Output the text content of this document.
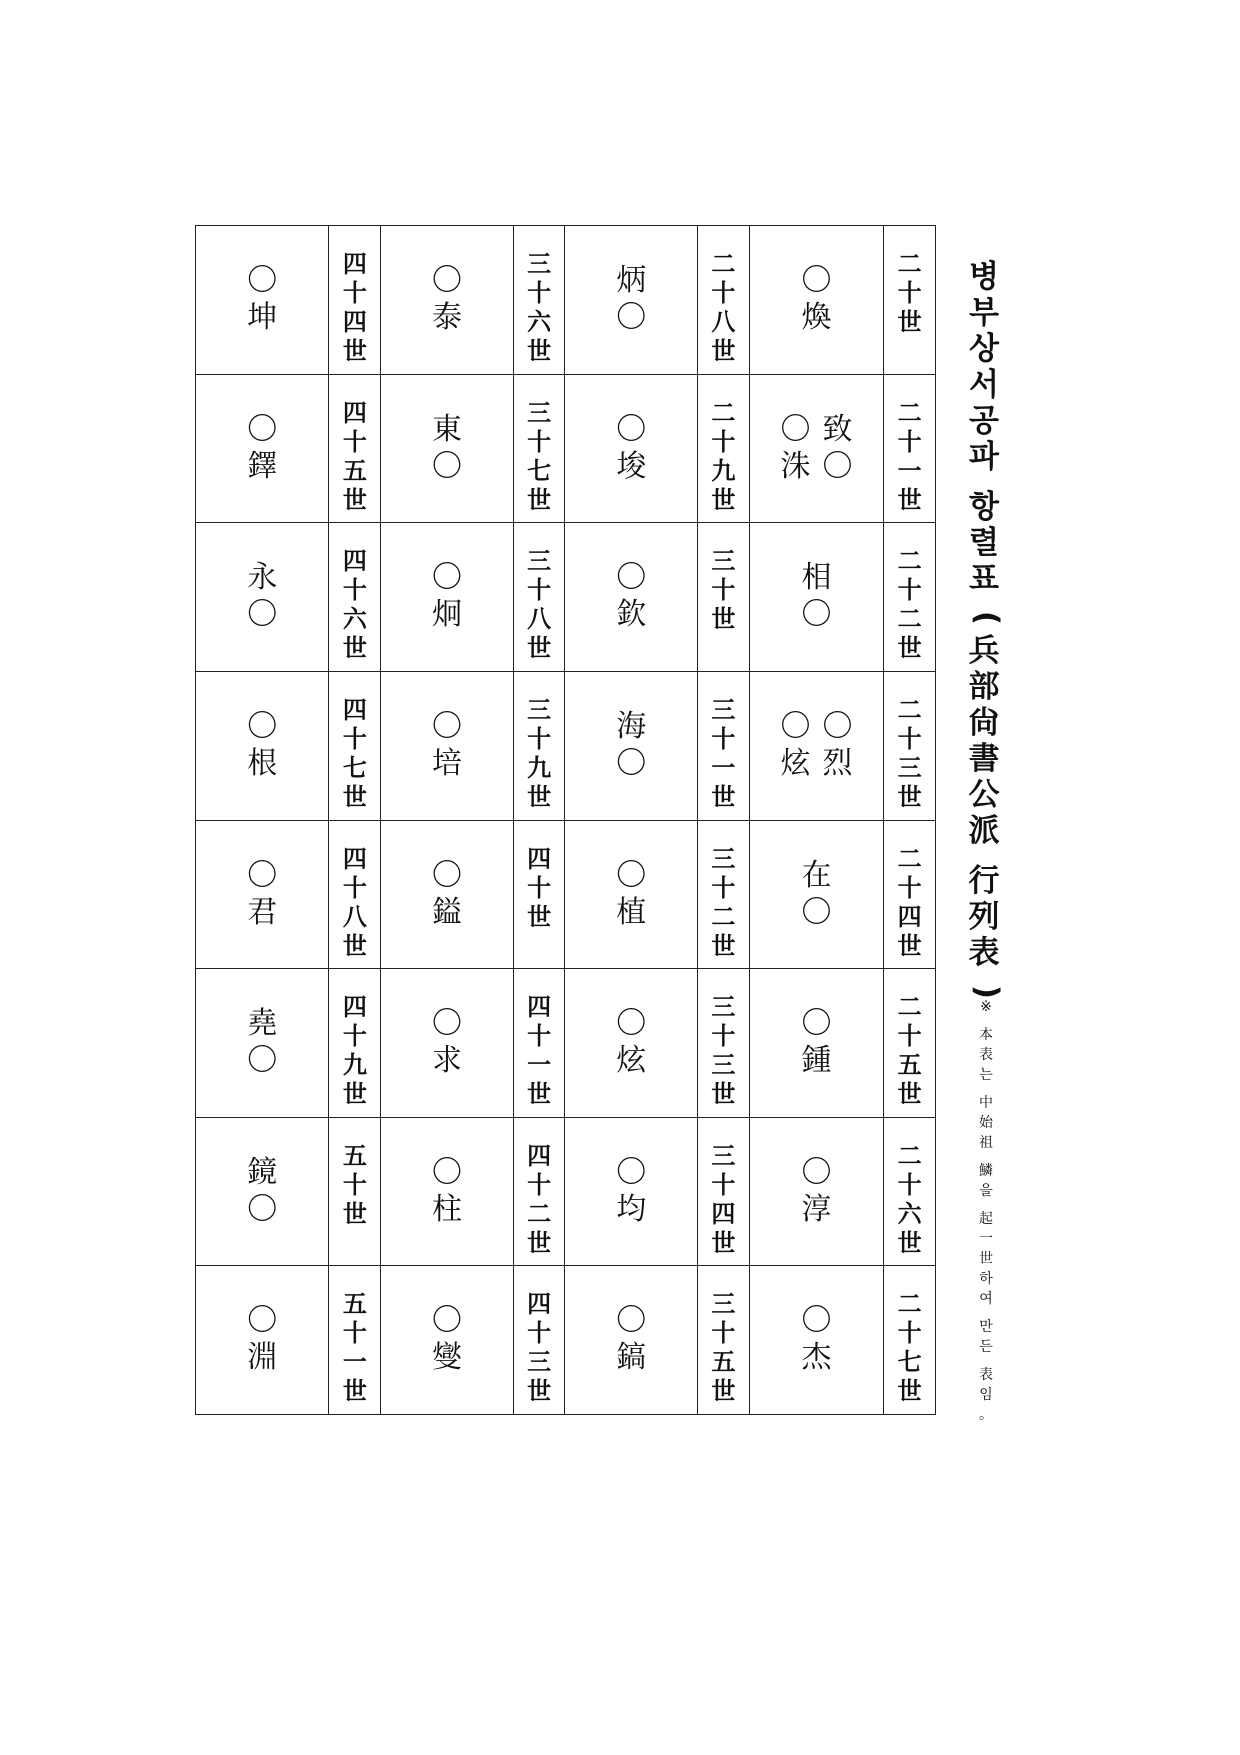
병
부
상
서
공
파
항
렬
표
(
兵
部
尙
書
公
派
行
列
表
)
※
本
表
는
中
始
祖
鱗
을
起
一
世
하
여
만
든
表
임
。
二
十
世
二
十
一
世
二
十
二
世
二
十
三
世
二
十
四
世
二
十
五
世
二
十
六
世
二
十
七
世
〇
煥
致
〇
〇
洙
相
〇
〇
烈
〇
炫
在
〇
〇
鍾
〇
淳
〇
杰
二
十
八
世
二
十
九
世
三
十
世
三
十
一
世
三
十
二
世
三
十
三
世
三
十
四
世
三
十
五
世
炳
〇
〇
埈
〇
欽
海
〇
〇
植
〇
炫
〇
均
〇
鎬
三
十
六
世
三
十
七
世
三
十
八
世
三
十
九
世
四
十
世
四
十
一
世
四
十
二
世
四
十
三
世
〇
泰
東
〇
〇
炯
〇
培
〇
鎰
〇
求
〇
柱
〇
燮
四
十
四
世
四
十
五
世
四
十
六
世
四
十
七
世
四
十
八
世
四
十
九
世
五
十
世
五
十
一
世
〇
坤
〇
鐸
永
〇
〇
根
〇
君
堯
〇
鏡
〇
〇
淵
